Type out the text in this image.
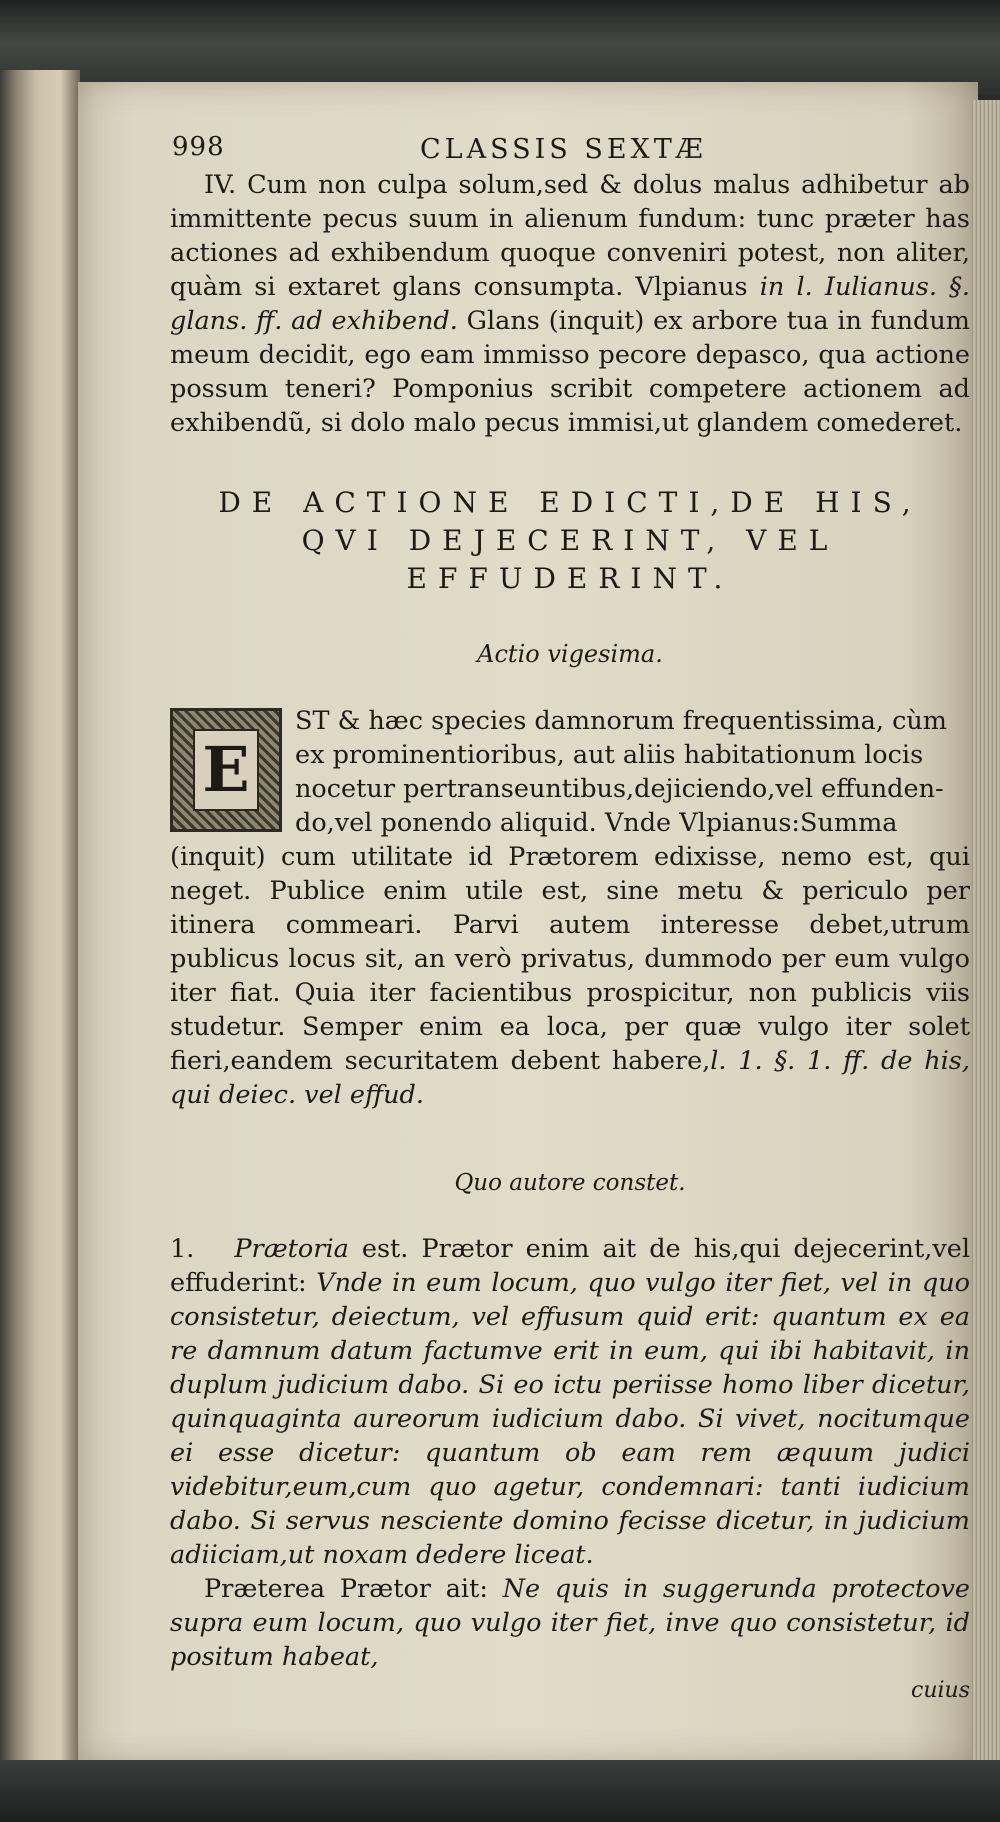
998	CLASSIS SEXTÆ

IV. Cum non culpa solum,sed & dolus malus adhibetur ab immittente pecus suum in alienum fundum: tunc præter has actiones ad exhibendum quoque conveniri potest, non aliter, quàm si extaret glans consumpta. Vlpianus in l. Iulianus. §. glans. ff. ad exhibend. Glans (inquit) ex arbore tua in fundum meum decidit, ego eam immisso pecore depasco, qua actione possum teneri? Pomponius scribit competere actionem ad exhibendũ, si dolo malo pecus immisi,ut glandem comederet.

DE ACTIONE EDICTI,DE HIS,
QVI DEJECERINT, VEL
EFFUDERINT.
Actio vigesima.
E

ST & hæc species damnorum frequentissima, cùm

ex prominentioribus, aut aliis habitationum locis

nocetur pertranseuntibus,dejiciendo,vel effunden-

do,vel ponendo aliquid. Vnde Vlpianus:Summa

(inquit) cum utilitate id Prætorem edixisse, nemo est, qui neget. Publice enim utile est, sine metu & periculo per itinera commeari. Parvi autem interesse debet,utrum publicus locus sit, an verò privatus, dummodo per eum vulgo iter fiat. Quia iter facientibus prospicitur, non publicis viis studetur. Semper enim ea loca, per quæ vulgo iter solet fieri,eandem securitatem debent habere,l. 1. §. 1. ff. de his, qui deiec. vel effud.

Quo autore constet.

1. Prætoria est. Prætor enim ait de his,qui dejecerint,vel effuderint: Vnde in eum locum, quo vulgo iter fiet, vel in quo consistetur, deiectum, vel effusum quid erit: quantum ex ea re damnum datum factumve erit in eum, qui ibi habitavit, in duplum judicium dabo. Si eo ictu periisse homo liber dicetur, quinquaginta aureorum iudicium dabo. Si vivet, nocitumque ei esse dicetur: quantum ob eam rem æquum judici videbitur,eum,cum quo agetur, condemnari: tanti iudicium dabo. Si servus nesciente domino fecisse dicetur, in judicium adiiciam,ut noxam dedere liceat.

Præterea Prætor ait: Ne quis in suggerunda protectove supra eum locum, quo vulgo iter fiet, inve quo consistetur, id positum habeat,

cuius
